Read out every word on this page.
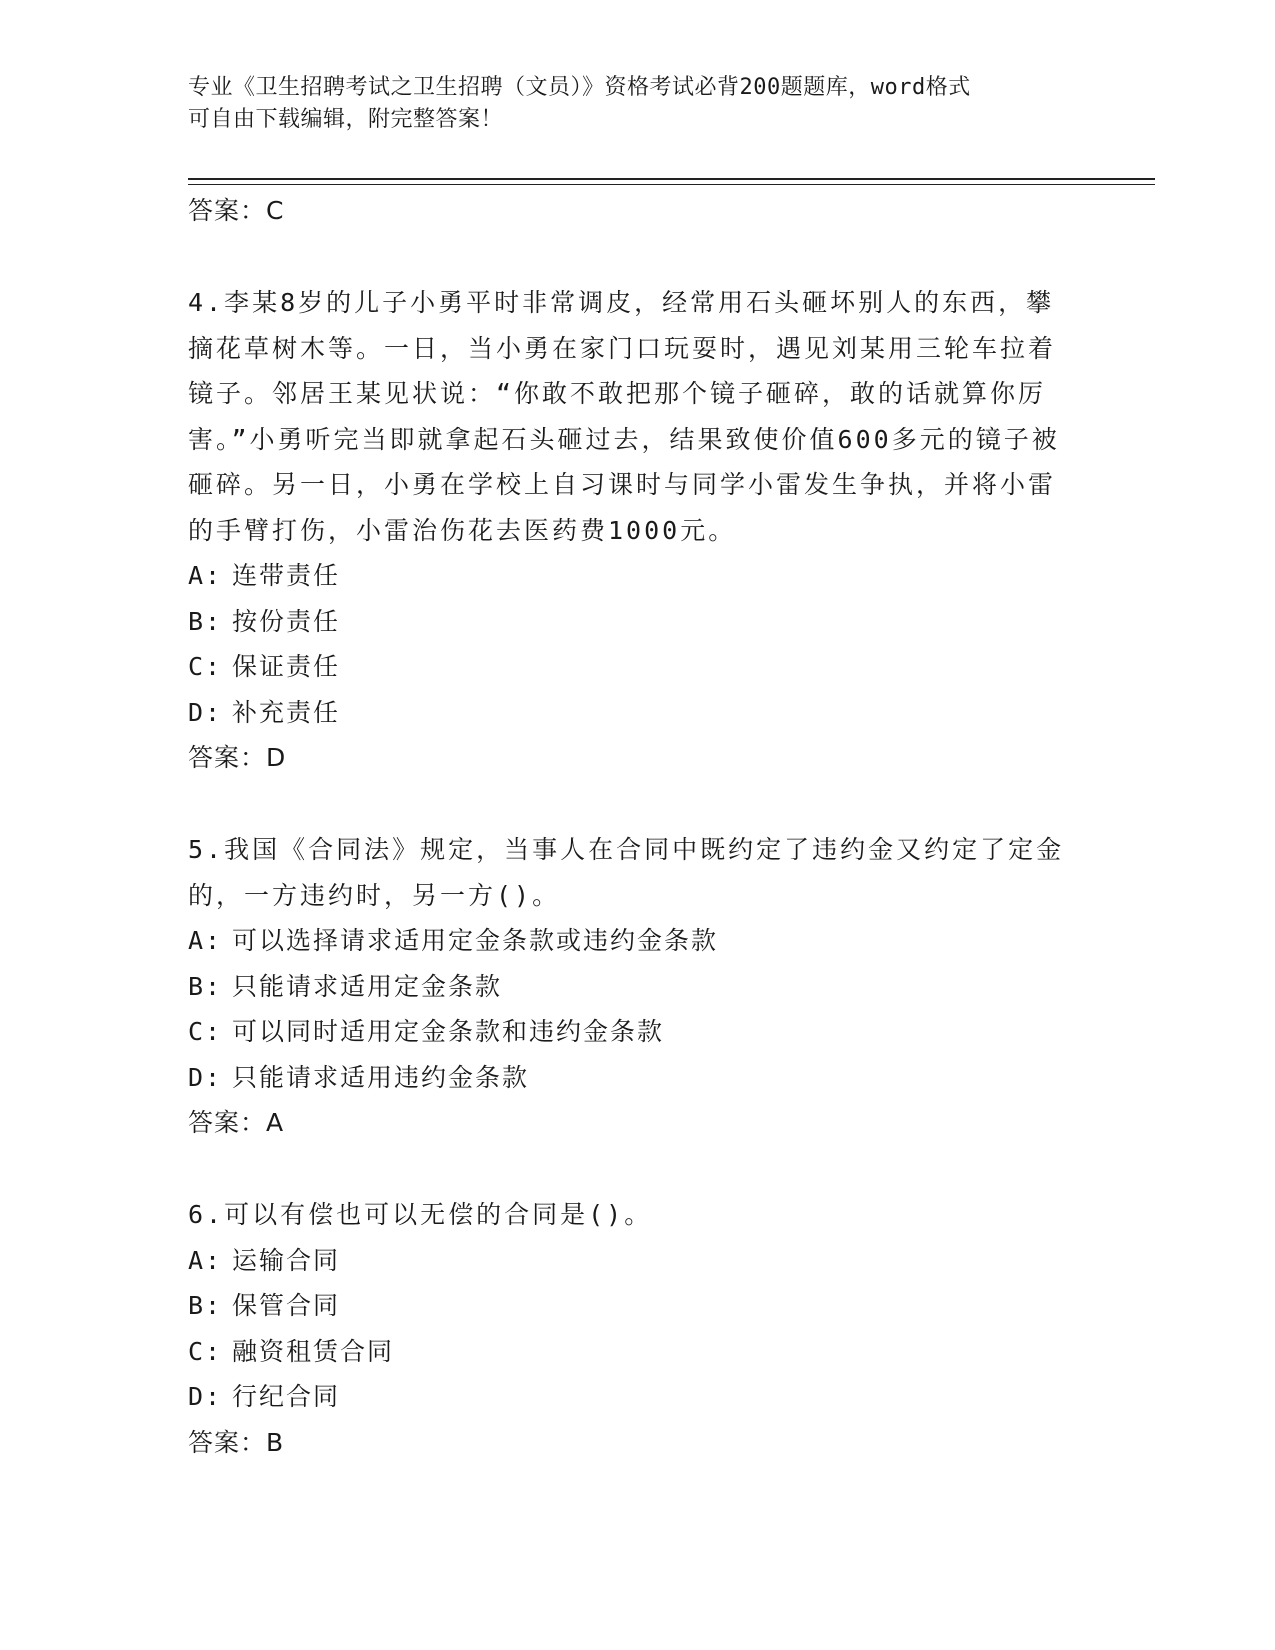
专业《卫生招聘考试之卫生招聘（文员）》资格考试必背200题题库，word格式
可自由下载编辑，附完整答案！
答案：C
4.李某8岁的儿子小勇平时非常调皮，经常用石头砸坏别人的东西，攀摘花草树木等。一日，当小勇在家门口玩耍时，遇见刘某用三轮车拉着镜子。邻居王某见状说：“你敢不敢把那个镜子砸碎，敢的话就算你厉害。”小勇听完当即就拿起石头砸过去，结果致使价值600多元的镜子被砸碎。另一日，小勇在学校上自习课时与同学小雷发生争执，并将小雷的手臂打伤，小雷治伤花去医药费1000元。
A: 连带责任
B: 按份责任
C: 保证责任
D: 补充责任
答案：D
5.我国《合同法》规定，当事人在合同中既约定了违约金又约定了定金的，一方违约时，另一方()。
A: 可以选择请求适用定金条款或违约金条款
B: 只能请求适用定金条款
C: 可以同时适用定金条款和违约金条款
D: 只能请求适用违约金条款
答案：A
6.可以有偿也可以无偿的合同是()。
A: 运输合同
B: 保管合同
C: 融资租赁合同
D: 行纪合同
答案：B
